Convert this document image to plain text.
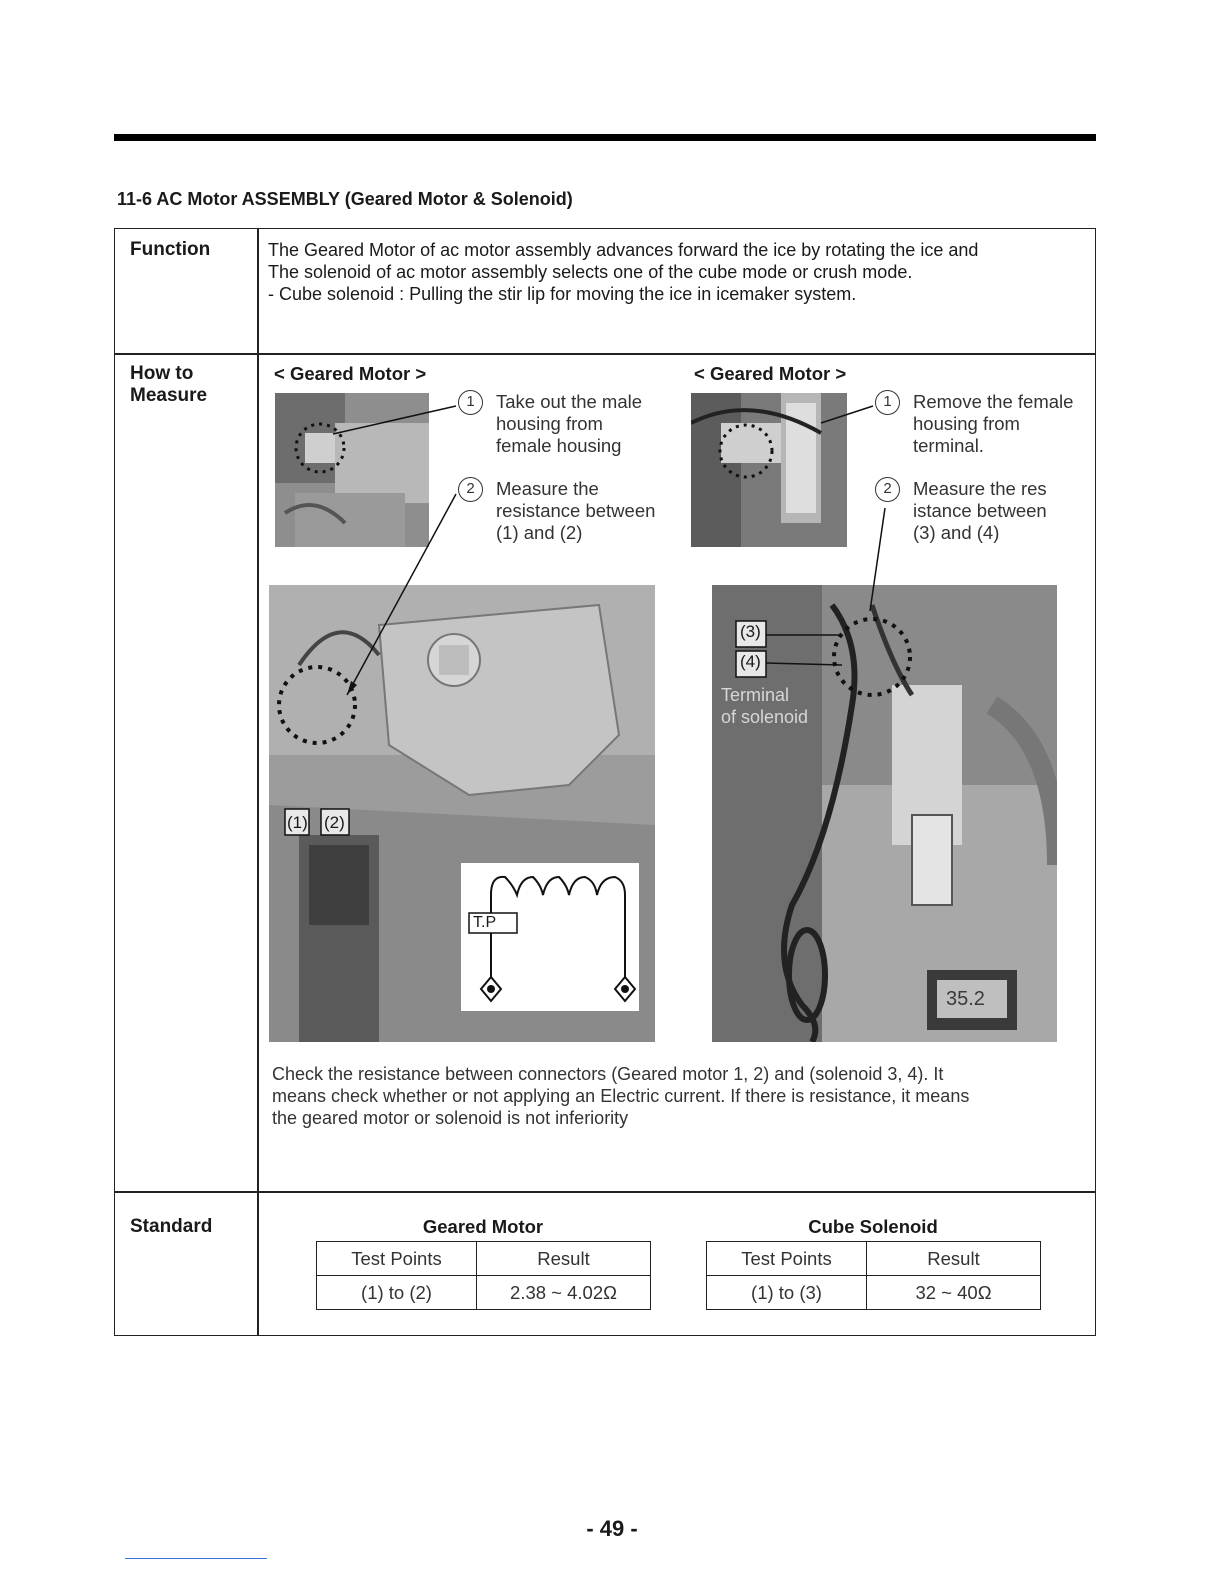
11-6 AC Motor ASSEMBLY (Geared Motor & Solenoid)
Function	The Geared Motor of ac motor assembly advances forward the ice by rotating the ice and
The solenoid of ac motor assembly selects one of the cube mode or crush mode.
- Cube solenoid : Pulling the stir lip for moving the ice in icemaker system.
How to
Measure
< Geared Motor >	< Geared Motor >
1	Take out the male
housing from
female housing
2	Measure the
resistance between
(1) and (2)
(1) (2)
T.P
1	Remove the female
housing from
terminal.
2	Measure the res
istance between
(3) and (4)
(3)
(4)
Terminal
of solenoid
35.2
Check the resistance between connectors (Geared motor 1, 2) and (solenoid 3, 4). It
means check whether or not applying an Electric current. If there is resistance, it means
the geared motor or solenoid is not inferiority
Standard	Geared Motor
Test Points	Result
(1) to (2)	2.38 ~ 4.02Ω
Cube Solenoid
Test Points	Result
(1) to (3)	32 ~ 40Ω
- 49 -
